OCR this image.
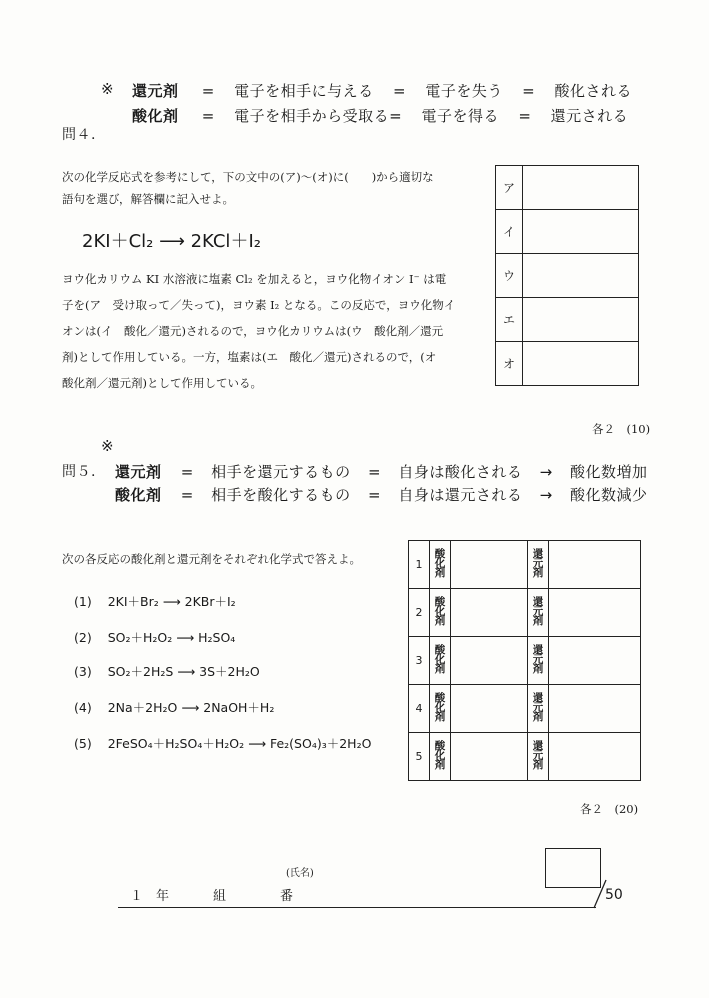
※ 還元剤 = 電子を相手に与える = 電子を失う = 酸化される
酸化剤 = 電子を相手から受取る= 電子を得る = 還元される
問４.
次の化学反応式を参考にして，下の文中の(ア)～(オ)に(　　)から適切な
語句を選び，解答欄に記入せよ。
2KI＋Cl₂ ⟶ 2KCl＋I₂
ヨウ化カリウム KI 水溶液に塩素 Cl₂ を加えると，ヨウ化物イオン I⁻ は電
子を(ア　受け取って／失って)，ヨウ素 I₂ となる。この反応で，ヨウ化物イ
オンは(イ　酸化／還元)されるので，ヨウ化カリウムは(ウ　酸化剤／還元
剤)として作用している。一方，塩素は(エ　酸化／還元)されるので，(オ
酸化剤／還元剤)として作用している。
ア	
イ	
ウ	
エ	
オ	
各２　(10)
※
問５. 還元剤 = 相手を還元するもの = 自身は酸化される → 酸化数増加
酸化剤 = 相手を酸化するもの = 自身は還元される → 酸化数減少
次の各反応の酸化剤と還元剤をそれぞれ化学式で答えよ。
(1) 2KI＋Br₂ ⟶ 2KBr＋I₂
(2) SO₂＋H₂O₂ ⟶ H₂SO₄
(3) SO₂＋2H₂S ⟶ 3S＋2H₂O
(4) 2Na＋2H₂O ⟶ 2NaOH＋H₂
(5) 2FeSO₄＋H₂SO₄＋H₂O₂ ⟶ Fe₂(SO₄)₃＋2H₂O
1	酸化剤		還元剤	
2	酸化剤		還元剤	
3	酸化剤		還元剤	
4	酸化剤		還元剤	
5	酸化剤		還元剤	
各２　(20)
(氏名)
１　年	組	番	50
